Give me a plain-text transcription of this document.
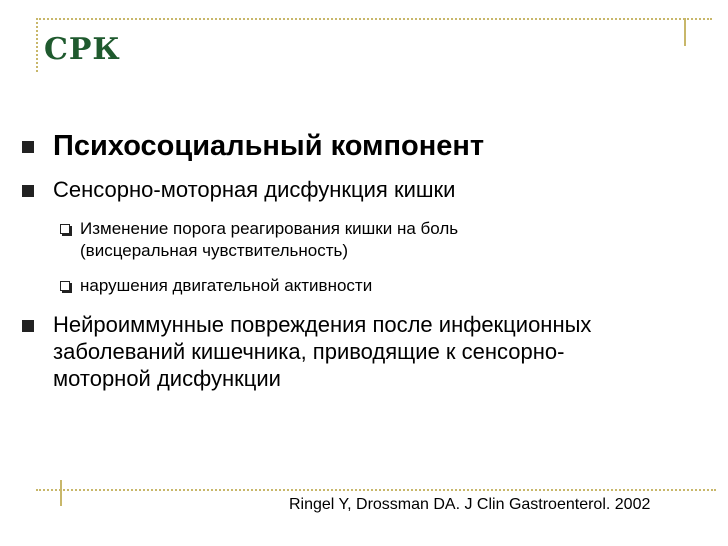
СРК
Психосоциальный компонент
Сенсорно-моторная дисфункция кишки
Изменение порога реагирования кишки на боль
(висцеральная чувствительность)
нарушения двигательной активности
Нейроиммунные повреждения после инфекционных
заболеваний кишечника, приводящие к сенсорно-
моторной дисфункции
Ringel Y, Drossman DA. J Clin Gastroenterol. 2002
